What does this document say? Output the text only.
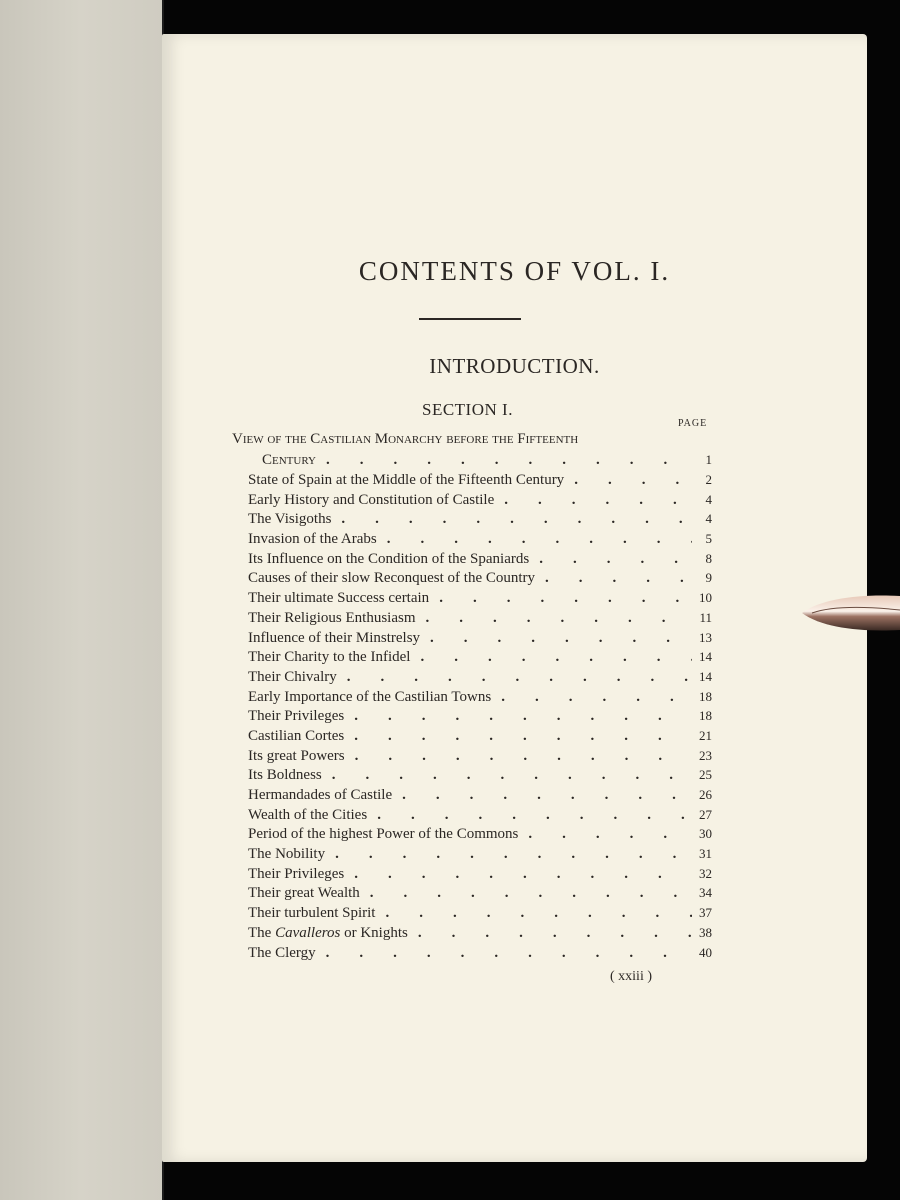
CONTENTS OF VOL. I.
INTRODUCTION.
SECTION I.
PAGE
View of the Castilian Monarchy before the Fifteenth
Century .	1
State of Spain at the Middle of the Fifteenth Century .	2
Early History and Constitution of Castile .	4
The Visigoths .	4
Invasion of the Arabs .	5
Its Influence on the Condition of the Spaniards .	8
Causes of their slow Reconquest of the Country .	9
Their ultimate Success certain .	10
Their Religious Enthusiasm .	11
Influence of their Minstrelsy .	13
Their Charity to the Infidel .	14
Their Chivalry .	14
Early Importance of the Castilian Towns .	18
Their Privileges .	18
Castilian Cortes .	21
Its great Powers .	23
Its Boldness .	25
Hermandades of Castile .	26
Wealth of the Cities .	27
Period of the highest Power of the Commons .	30
The Nobility .	31
Their Privileges .	32
Their great Wealth .	34
Their turbulent Spirit .	37
The Cavalleros or Knights .	38
The Clergy .	40
( xxiii )
